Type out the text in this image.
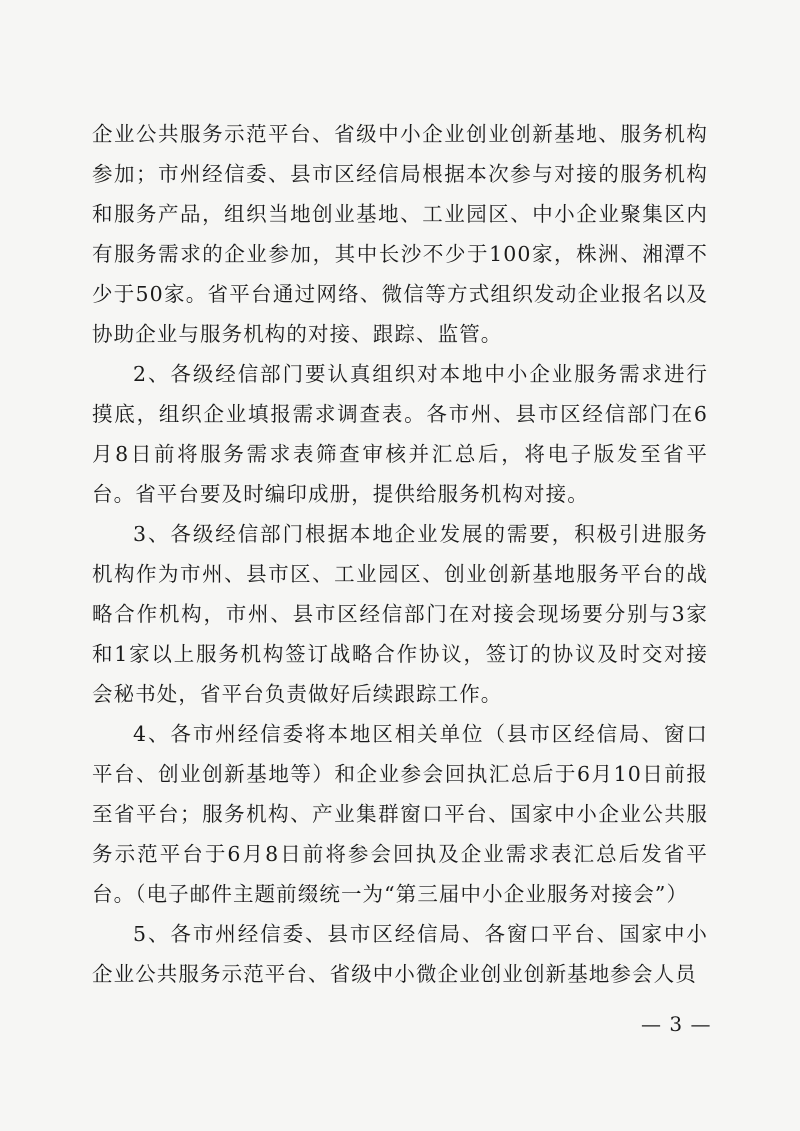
企业公共服务示范平台、省级中小企业创业创新基地、服务机构参加；市州经信委、县市区经信局根据本次参与对接的服务机构和服务产品，组织当地创业基地、工业园区、中小企业聚集区内有服务需求的企业参加，其中长沙不少于100家，株洲、湘潭不少于50家。省平台通过网络、微信等方式组织发动企业报名以及协助企业与服务机构的对接、跟踪、监管。

2、各级经信部门要认真组织对本地中小企业服务需求进行摸底，组织企业填报需求调查表。各市州、县市区经信部门在6月8日前将服务需求表筛查审核并汇总后，将电子版发至省平台。省平台要及时编印成册，提供给服务机构对接。

3、各级经信部门根据本地企业发展的需要，积极引进服务机构作为市州、县市区、工业园区、创业创新基地服务平台的战略合作机构，市州、县市区经信部门在对接会现场要分别与3家和1家以上服务机构签订战略合作协议，签订的协议及时交对接会秘书处，省平台负责做好后续跟踪工作。

4、各市州经信委将本地区相关单位（县市区经信局、窗口平台、创业创新基地等）和企业参会回执汇总后于6月10日前报至省平台；服务机构、产业集群窗口平台、国家中小企业公共服务示范平台于6月8日前将参会回执及企业需求表汇总后发省平台。（电子邮件主题前缀统一为“第三届中小企业服务对接会”）

5、各市州经信委、县市区经信局、各窗口平台、国家中小企业公共服务示范平台、省级中小微企业创业创新基地参会人员

— 3 —
